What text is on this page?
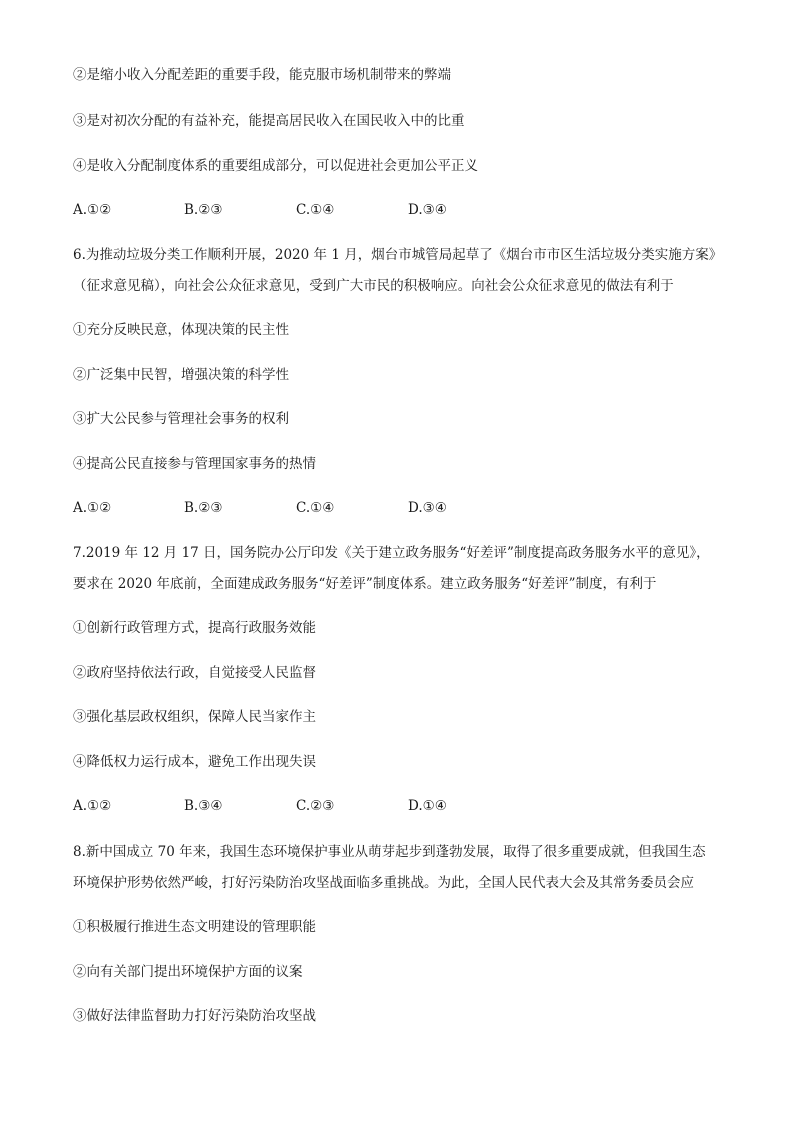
②是缩小收入分配差距的重要手段，能克服市场机制带来的弊端
③是对初次分配的有益补充，能提高居民收入在国民收入中的比重
④是收入分配制度体系的重要组成部分，可以促进社会更加公平正义
A.①②	B.②③	C.①④	D.③④
6.为推动垃圾分类工作顺利开展，2020 年 1 月，烟台市城管局起草了《烟台市市区生活垃圾分类实施方案》
（征求意见稿），向社会公众征求意见，受到广大市民的积极响应。向社会公众征求意见的做法有利于
①充分反映民意，体现决策的民主性
②广泛集中民智，增强决策的科学性
③扩大公民参与管理社会事务的权利
④提高公民直接参与管理国家事务的热情
A.①②	B.②③	C.①④	D.③④
7.2019 年 12 月 17 日，国务院办公厅印发《关于建立政务服务“好差评”制度提高政务服务水平的意见》，
要求在 2020 年底前，全面建成政务服务“好差评”制度体系。建立政务服务“好差评”制度，有利于
①创新行政管理方式，提高行政服务效能
②政府坚持依法行政，自觉接受人民监督
③强化基层政权组织，保障人民当家作主
④降低权力运行成本，避免工作出现失误
A.①②	B.③④	C.②③	D.①④
8.新中国成立 70 年来，我国生态环境保护事业从萌芽起步到蓬勃发展，取得了很多重要成就，但我国生态
环境保护形势依然严峻，打好污染防治攻坚战面临多重挑战。为此，全国人民代表大会及其常务委员会应
①积极履行推进生态文明建设的管理职能
②向有关部门提出环境保护方面的议案
③做好法律监督助力打好污染防治攻坚战
